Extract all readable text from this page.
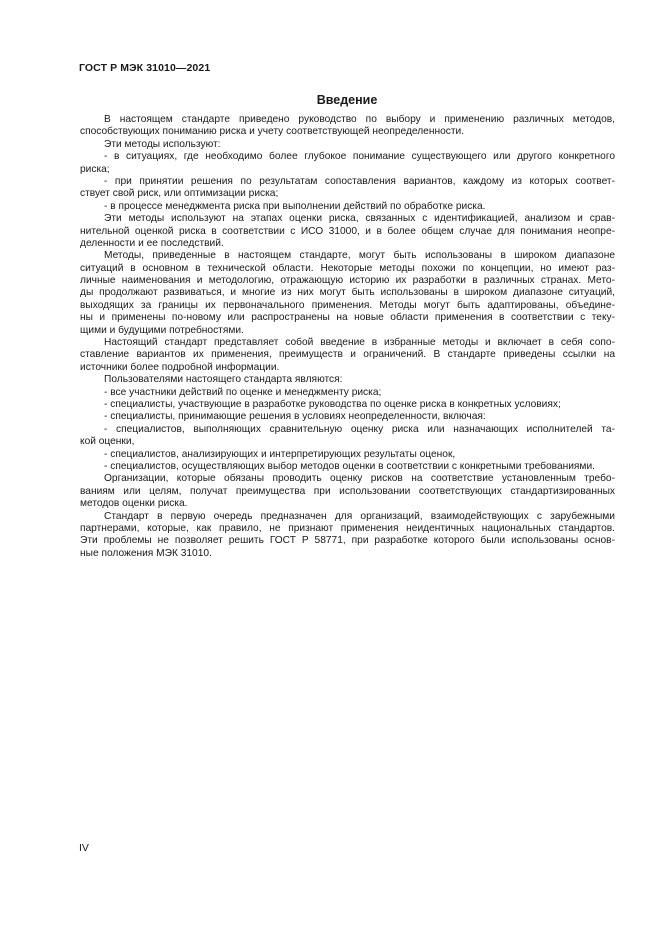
ГОСТ Р МЭК 31010—2021
Введение
В настоящем стандарте приведено руководство по выбору и применению различных методов,
способствующих пониманию риска и учету соответствующей неопределенности.
Эти методы используют:
- в ситуациях, где необходимо более глубокое понимание существующего или другого конкретного
риска;
- при принятии решения по результатам сопоставления вариантов, каждому из которых соответ-
ствует свой риск, или оптимизации риска;
- в процессе менеджмента риска при выполнении действий по обработке риска.
Эти методы используют на этапах оценки риска, связанных с идентификацией, анализом и срав-
нительной оценкой риска в соответствии с ИСО 31000, и в более общем случае для понимания неопре-
деленности и ее последствий.
Методы, приведенные в настоящем стандарте, могут быть использованы в широком диапазоне
ситуаций в основном в технической области. Некоторые методы похожи по концепции, но имеют раз-
личные наименования и методологию, отражающую историю их разработки в различных странах. Мето-
ды продолжают развиваться, и многие из них могут быть использованы в широком диапазоне ситуаций,
выходящих за границы их первоначального применения. Методы могут быть адаптированы, объедине-
ны и применены по-новому или распространены на новые области применения в соответствии с теку-
щими и будущими потребностями.
Настоящий стандарт представляет собой введение в избранные методы и включает в себя сопо-
ставление вариантов их применения, преимуществ и ограничений. В стандарте приведены ссылки на
источники более подробной информации.
Пользователями настоящего стандарта являются:
- все участники действий по оценке и менеджменту риска;
- специалисты, участвующие в разработке руководства по оценке риска в конкретных условиях;
- специалисты, принимающие решения в условиях неопределенности, включая:
- специалистов, выполняющих сравнительную оценку риска или назначающих исполнителей та-
кой оценки,
- специалистов, анализирующих и интерпретирующих результаты оценок,
- специалистов, осуществляющих выбор методов оценки в соответствии с конкретными требованиями.
Организации, которые обязаны проводить оценку рисков на соответствие установленным требо-
ваниям или целям, получат преимущества при использовании соответствующих стандартизированных
методов оценки риска.
Стандарт в первую очередь предназначен для организаций, взаимодействующих с зарубежными
партнерами, которые, как правило, не признают применения неидентичных национальных стандартов.
Эти проблемы не позволяет решить ГОСТ Р 58771, при разработке которого были использованы основ-
ные положения МЭК 31010.
IV
